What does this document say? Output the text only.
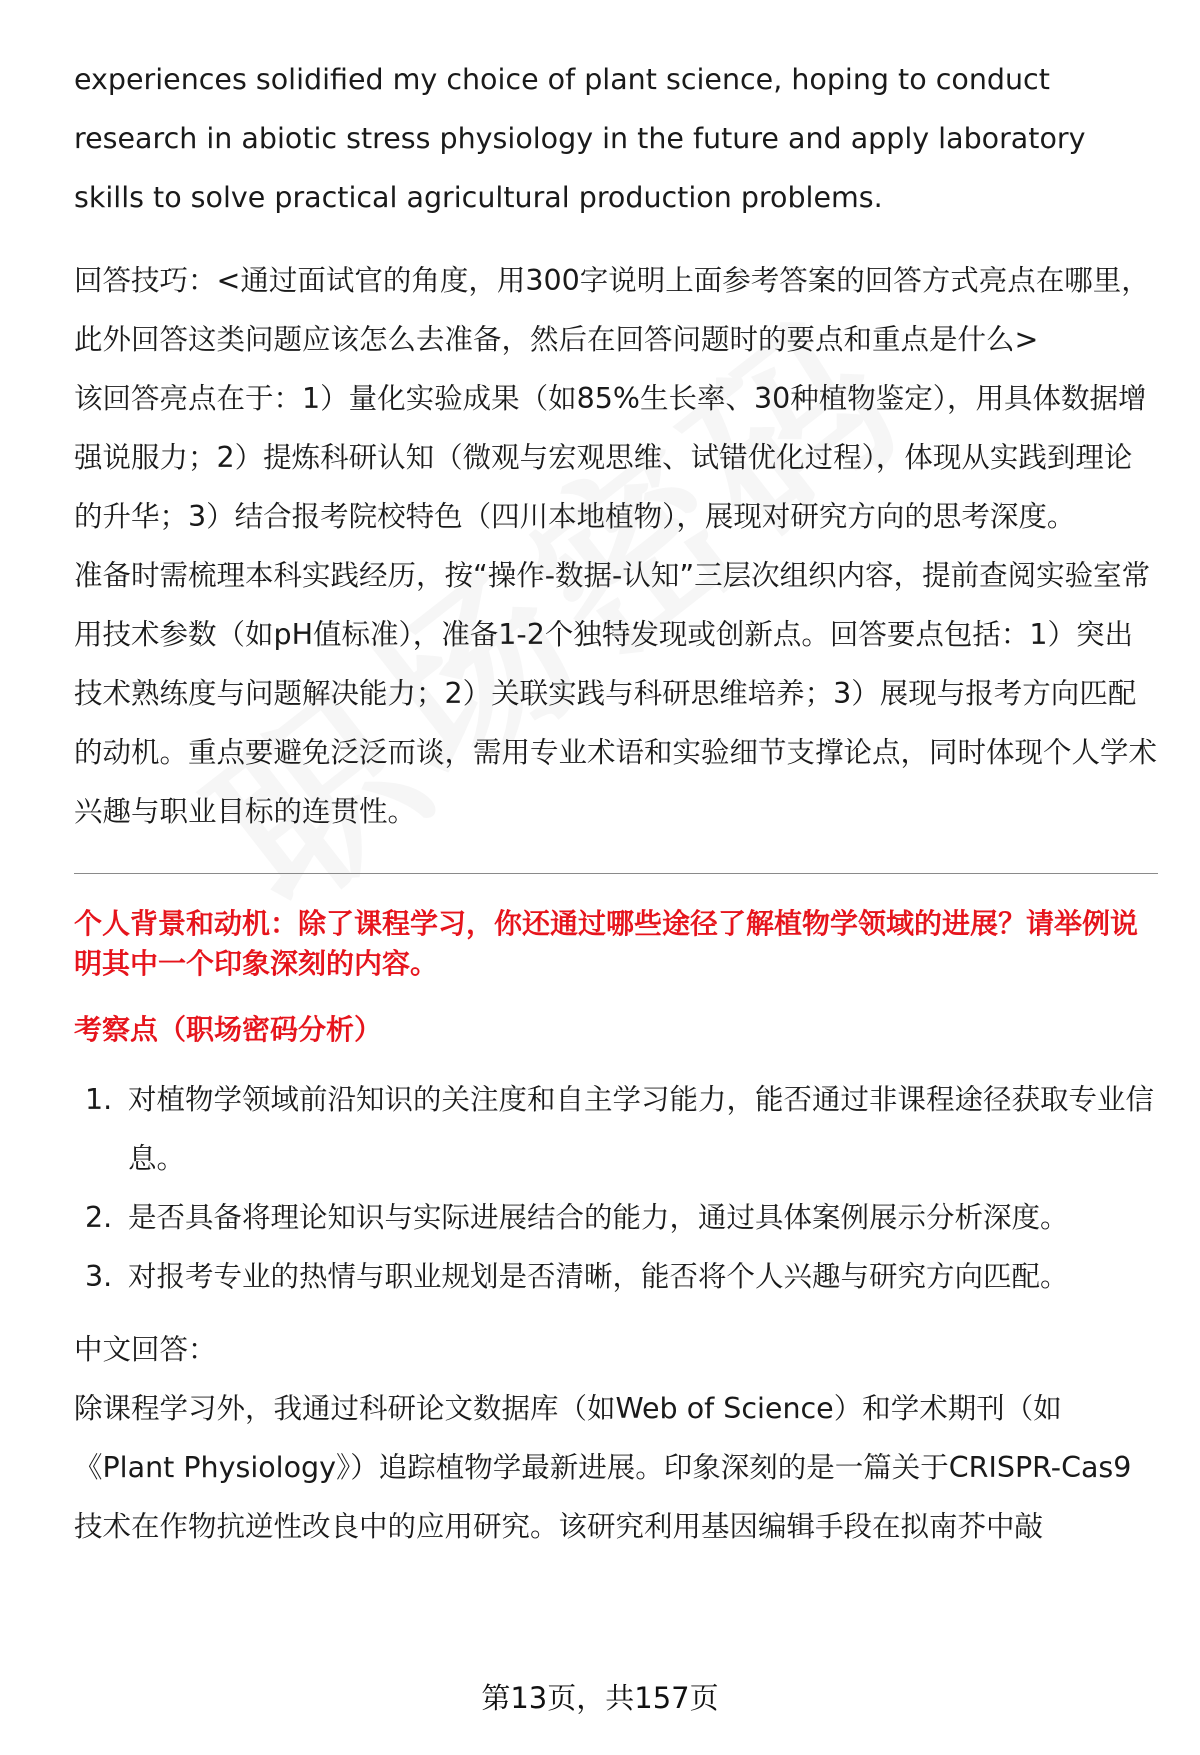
experiences solidified my choice of plant science, hoping to conduct research in abiotic stress physiology in the future and apply laboratory skills to solve practical agricultural production problems.

回答技巧：<通过面试官的角度，用300字说明上面参考答案的回答方式亮点在哪里，此外回答这类问题应该怎么去准备，然后在回答问题时的要点和重点是什么>

该回答亮点在于：1）量化实验成果（如85%生长率、30种植物鉴定），用具体数据增强说服力；2）提炼科研认知（微观与宏观思维、试错优化过程），体现从实践到理论的升华；3）结合报考院校特色（四川本地植物），展现对研究方向的思考深度。

准备时需梳理本科实践经历，按“操作-数据-认知”三层次组织内容，提前查阅实验室常用技术参数（如pH值标准），准备1-2个独特发现或创新点。回答要点包括：1）突出技术熟练度与问题解决能力；2）关联实践与科研思维培养；3）展现与报考方向匹配的动机。重点要避免泛泛而谈，需用专业术语和实验细节支撑论点，同时体现个人学术兴趣与职业目标的连贯性。

个人背景和动机：除了课程学习，你还通过哪些途径了解植物学领域的进展？请举例说明其中一个印象深刻的内容。

考察点（职场密码分析）

1. 对植物学领域前沿知识的关注度和自主学习能力，能否通过非课程途径获取专业信息。
2. 是否具备将理论知识与实际进展结合的能力，通过具体案例展示分析深度。
3. 对报考专业的热情与职业规划是否清晰，能否将个人兴趣与研究方向匹配。

中文回答：

除课程学习外，我通过科研论文数据库（如Web of Science）和学术期刊（如《Plant Physiology》）追踪植物学最新进展。印象深刻的是一篇关于CRISPR-Cas9技术在作物抗逆性改良中的应用研究。该研究利用基因编辑手段在拟南芥中敲

第13页，共157页
